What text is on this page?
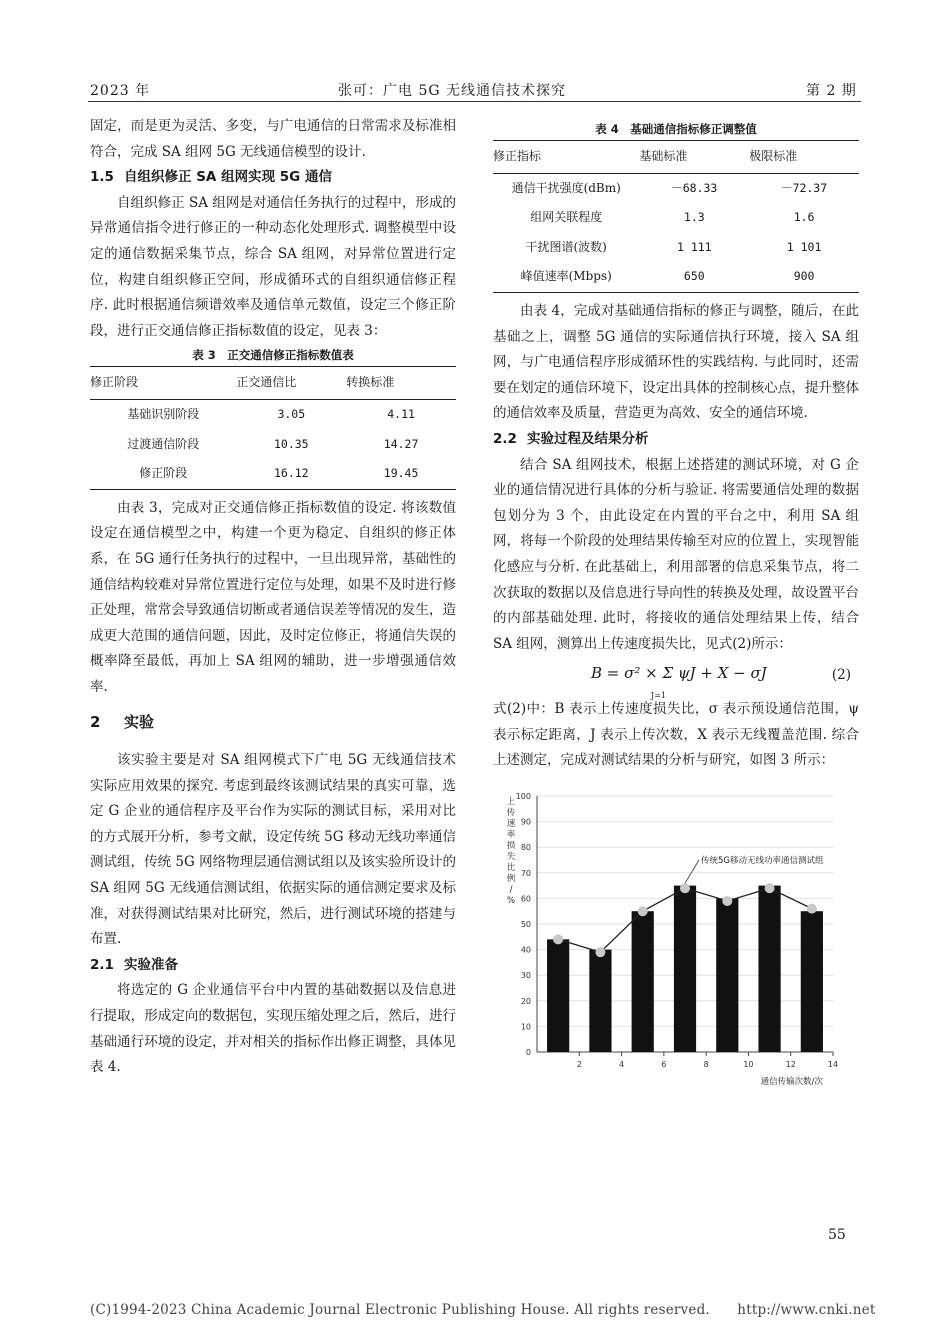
2023 年	张可：广电 5G 无线通信技术探究	第 2 期

固定，而是更为灵活、多变，与广电通信的日常需求及标准相符合，完成 SA 组网 5G 无线通信模型的设计.

1.5 自组织修正 SA 组网实现 5G 通信

自组织修正 SA 组网是对通信任务执行的过程中，形成的异常通信指令进行修正的一种动态化处理形式. 调整模型中设定的通信数据采集节点，综合 SA 组网，对异常位置进行定位，构建自组织修正空间，形成循环式的自组织通信修正程序. 此时根据通信频谱效率及通信单元数值，设定三个修正阶段，进行正交通信修正指标数值的设定，见表 3：

表 3　正交通信修正指标数值表
修正阶段	正交通信比	转换标准
基础识别阶段	3.05	4.11
过渡通信阶段	10.35	14.27
修正阶段	16.12	19.45

由表 3，完成对正交通信修正指标数值的设定. 将该数值设定在通信模型之中，构建一个更为稳定、自组织的修正体系，在 5G 通行任务执行的过程中，一旦出现异常，基础性的通信结构较难对异常位置进行定位与处理，如果不及时进行修正处理，常常会导致通信切断或者通信误差等情况的发生，造成更大范围的通信问题，因此，及时定位修正，将通信失误的概率降至最低，再加上 SA 组网的辅助，进一步增强通信效率.

2 实验

该实验主要是对 SA 组网模式下广电 5G 无线通信技术实际应用效果的探究. 考虑到最终该测试结果的真实可靠，选定 G 企业的通信程序及平台作为实际的测试目标，采用对比的方式展开分析，参考文献，设定传统 5G 移动无线功率通信测试组，传统 5G 网络物理层通信测试组以及该实验所设计的 SA 组网 5G 无线通信测试组，依据实际的通信测定要求及标准，对获得测试结果对比研究，然后，进行测试环境的搭建与布置.

2.1 实验准备

将选定的 G 企业通信平台中内置的基础数据以及信息进行提取，形成定向的数据包，实现压缩处理之后，然后，进行基础通行环境的设定，并对相关的指标作出修正调整，具体见表 4.

表 4　基础通信指标修正调整值
修正指标	基础标准	极限标准
通信干扰强度(dBm)	－68.33	－72.37
组网关联程度	1.3	1.6
干扰图谱(波数)	1 111	1 101
峰值速率(Mbps)	650	900

由表 4，完成对基础通信指标的修正与调整，随后，在此基础之上，调整 5G 通信的实际通信执行环境，接入 SA 组网，与广电通信程序形成循环性的实践结构. 与此同时，还需要在划定的通信环境下，设定出具体的控制核心点，提升整体的通信效率及质量，营造更为高效、安全的通信环境.

2.2 实验过程及结果分析

结合 SA 组网技术，根据上述搭建的测试环境，对 G 企业的通信情况进行具体的分析与验证. 将需要通信处理的数据包划分为 3 个，由此设定在内置的平台之中，利用 SA 组网，将每一个阶段的处理结果传输至对应的位置上，实现智能化感应与分析. 在此基础上，利用部署的信息采集节点，将二次获取的数据以及信息进行导向性的转换及处理，故设置平台的内部基础处理. 此时，将接收的通信处理结果上传，结合 SA 组网，测算出上传速度损失比，见式(2)所示：

B = σ² × Σ ψJ + X − σJ
J=1
(2)

式(2)中：B 表示上传速度损失比，σ 表示预设通信范围，ψ 表示标定距离，J 表示上传次数，X 表示无线覆盖范围. 综合上述测定，完成对测试结果的分析与研究，如图 3 所示：

0
10
20
30
40
50
60
70
80
90
100
2	4	6	8	10	12	14
传统5G移动无线功率通信测试组
上传速率损失比例/ %
通信传输次数/次
55
(C)1994-2023 China Academic Journal Electronic Publishing House. All rights reserved.　　http://www.cnki.net
